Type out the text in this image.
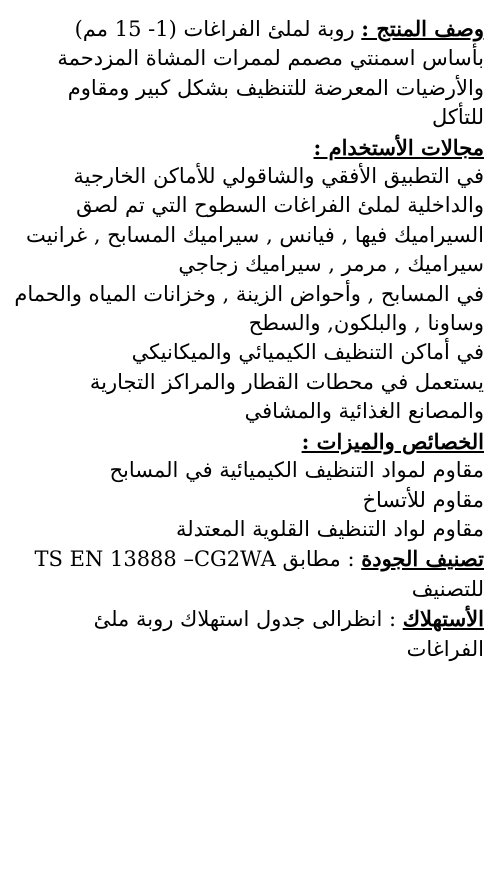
وصف المنتج : روبة لملئ الفراغات (1- 15 مم) بأساس اسمنتي مصمم لممرات المشاة المزدحمة والأرضيات المعرضة للتنظيف بشكل كبير ومقاوم للتأكل

مجالات الأستخدام :

في التطبيق الأفقي والشاقولي للأماكن الخارجية والداخلية لملئ الفراغات السطوح التي تم لصق السيراميك فيها , فيانس , سيراميك المسابح , غرانيت سيراميك , مرمر , سيراميك زجاجي

في المسابح , وأحواض الزينة , وخزانات المياه والحمام وساونا , والبلكون, والسطح

في أماكن التنظيف الكيميائي والميكانيكي

يستعمل في محطات القطار والمراكز التجارية والمصانع الغذائية والمشافي

الخصائص والميزات :

مقاوم لمواد التنظيف الكيميائية في المسابح

مقاوم للأتساخ

مقاوم لواد التنظيف القلوية المعتدلة

تصنيف الجودة : مطابق TS EN 13888 –CG2WA للتصنيف

الأستهلاك : انظرالى جدول استهلاك روبة ملئ الفراغات
